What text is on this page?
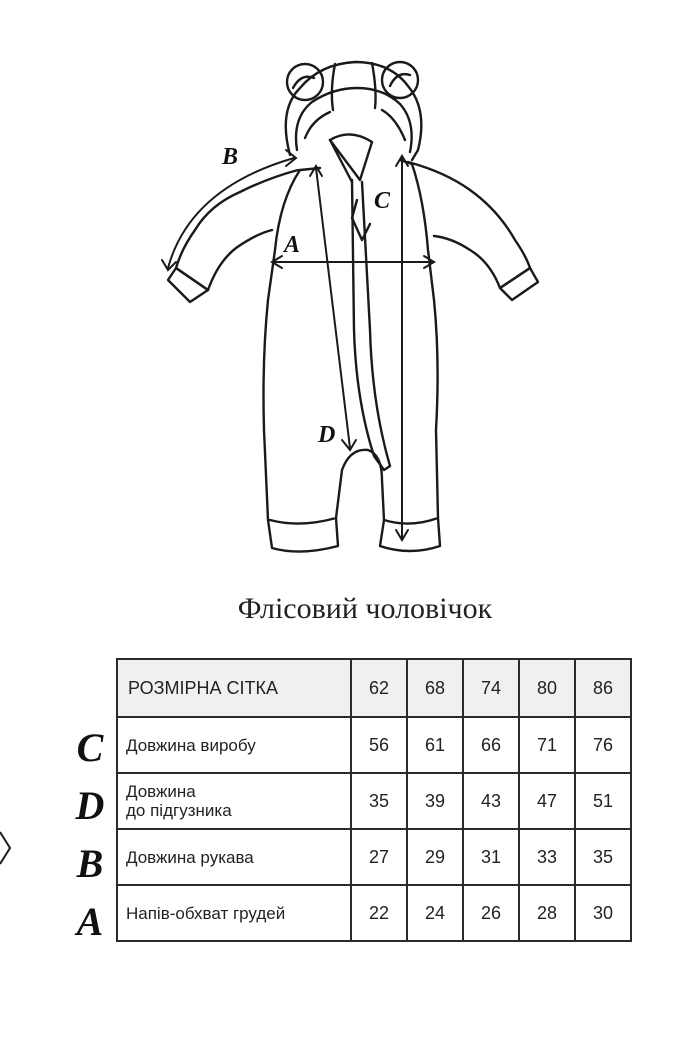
B
C
A
D
Флісовий чоловічок
C
D
B
A
РОЗМІРНА СІТКА	62	68	74	80	86
Довжина виробу	56	61	66	71	76
Довжина
до підгузника	35	39	43	47	51
Довжина рукава	27	29	31	33	35
Напів-обхват грудей	22	24	26	28	30
